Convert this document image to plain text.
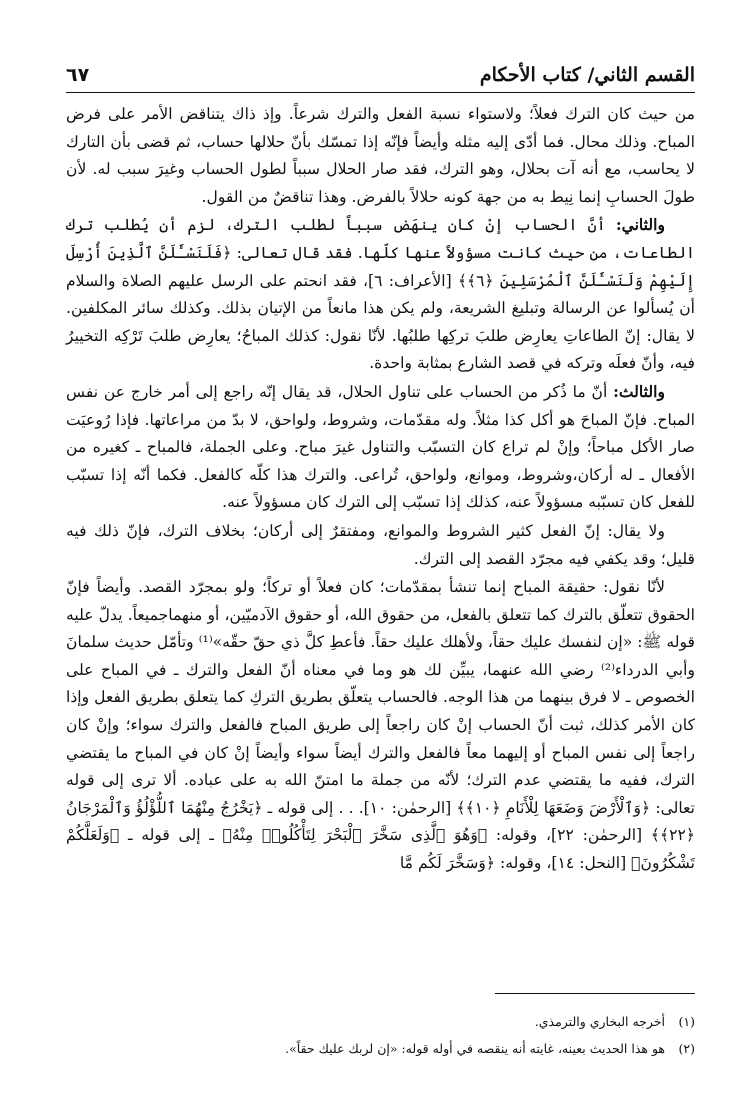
القسم الثاني/ كتاب الأحكام
٦٧

من حيث كان الترك فعلاً؛ ولاستواء نسبة الفعل والترك شرعاً. وإذ ذاك يتناقض الأمر على فرض المباح. وذلك محال. فما أدّى إليه مثله وأيضاً فإنّه إذا تمسّك بأنّ حلالها حساب، ثم قضى بأن التارك لا يحاسب، مع أنه آت بحلال، وهو الترك، فقد صار الحلال سبباً لطول الحساب وغيرَ سبب له. لأن طولَ الحسابِ إنما نِيط به من جهة كونه حلالاً بالفرض. وهذا تناقضٌ من القول.

والثاني: أنَّ الحساب إنْ كان ينهَض سبباً لطلب الترك، لزم أن يُطلب ترك الطاعات، من حيث كانت مسؤولاً عنها كلّها. فقد قال تعالى: ﴿فَلَنَسْـَٔلَنَّ ٱلَّذِينَ أُرْسِلَ إِلَيْهِمْ وَلَنَسْـَٔلَنَّ ٱلْمُرْسَلِينَ ﴿٦﴾﴾ [الأعراف: ٦]، فقد انحتم على الرسل عليهم الصلاة والسلام أن يُسألوا عن الرسالة وتبليغ الشريعة، ولم يكن هذا مانعاً من الإتيان بذلك. وكذلك سائر المكلفين. لا يقال: إنّ الطاعاتِ يعارِض طلبَ تركِها طلبُها. لأنّا نقول: كذلك المباحُ؛ يعارِض طلبَ تَرْكِه التخييرُ فيه، وأنّ فعلَه وتركه في قصد الشارع بمثابة واحدة.

والثالث: أنّ ما ذُكر من الحساب على تناول الحلال، قد يقال إنّه راجع إلى أمر خارج عن نفس المباح. فإنّ المباحَ هو أكل كذا مثلاً. وله مقدّمات، وشروط، ولواحق، لا بدّ من مراعاتها. فإذا رُوعيَت صار الأكل مباحاً؛ وإنْ لم تراع كان التسبّب والتناول غيرَ مباح. وعلى الجملة، فالمباح ـ كغيره من الأفعال ـ له أركان،وشروط، وموانع، ولواحق، تُراعى. والترك هذا كلّه كالفعل. فكما أنّه إذا تسبّب للفعل كان تسبّبه مسؤولاً عنه، كذلك إذا تسبّب إلى الترك كان مسؤولاً عنه.

ولا يقال: إنّ الفعل كثير الشروط والموانع، ومفتقرٌ إلى أركان؛ بخلاف الترك، فإنّ ذلك فيه قليل؛ وقد يكفي فيه مجرّد القصد إلى الترك.

لأنّا نقول: حقيقة المباح إنما تنشأ بمقدّمات؛ كان فعلاً أو تركاً؛ ولو بمجرّد القصد. وأيضاً فإنّ الحقوق تتعلّق بالترك كما تتعلق بالفعل، من حقوق الله، أو حقوق الآدميّين، أو منهماجميعاً. يدلّ عليه قوله ﷺ: «إن لنفسك عليك حقاً، ولأهلك عليك حقاً. فأعطِ كلَّ ذي حقّ حقّه»⁽¹⁾ وتأمّل حديث سلمانَ وأبي الدرداء⁽²⁾ رضي الله عنهما، يبيِّن لك هو وما في معناه أنّ الفعل والترك ـ في المباح على الخصوص ـ لا فرق بينهما من هذا الوجه. فالحساب يتعلّق بطريق التركِ كما يتعلق بطريق الفعل وإذا كان الأمر كذلك، ثبت أنّ الحساب إنْ كان راجعاً إلى طريق المباح فالفعل والترك سواء؛ وإنْ كان راجعاً إلى نفس المباح أو إليهما معاً فالفعل والترك أيضاً سواء وأيضاً إنْ كان في المباح ما يقتضي الترك، ففيه ما يقتضي عدم الترك؛ لأنّه من جملة ما امتنّ الله به على عباده. ألا ترى إلى قوله تعالى: ﴿وَٱلْأَرْضَ وَضَعَهَا لِلْأَنَامِ ﴿١٠﴾﴾ [الرحمٰن: ١٠]. . . إلى قوله ـ ﴿يَخْرُجُ مِنْهُمَا ٱللُّؤْلُؤُ وَٱلْمَرْجَانُ ﴿٢٢﴾﴾ [الرحمٰن: ٢٢]، وقوله: ﴿وَهُوَ ٱلَّذِى سَخَّرَ ٱلْبَحْرَ لِتَأْكُلُوا۟ مِنْهُ﴾ ـ إلى قوله ـ ﴿وَلَعَلَّكُمْ تَشْكُرُونَ﴾ [النحل: ١٤]، وقوله: ﴿وَسَخَّرَ لَكُم مَّا

(١)أخرجه البخاري والترمذي.

(٢)هو هذا الحديث بعينه، غايته أنه ينقصه في أوله قوله: «إن لربك عليك حقاً».
